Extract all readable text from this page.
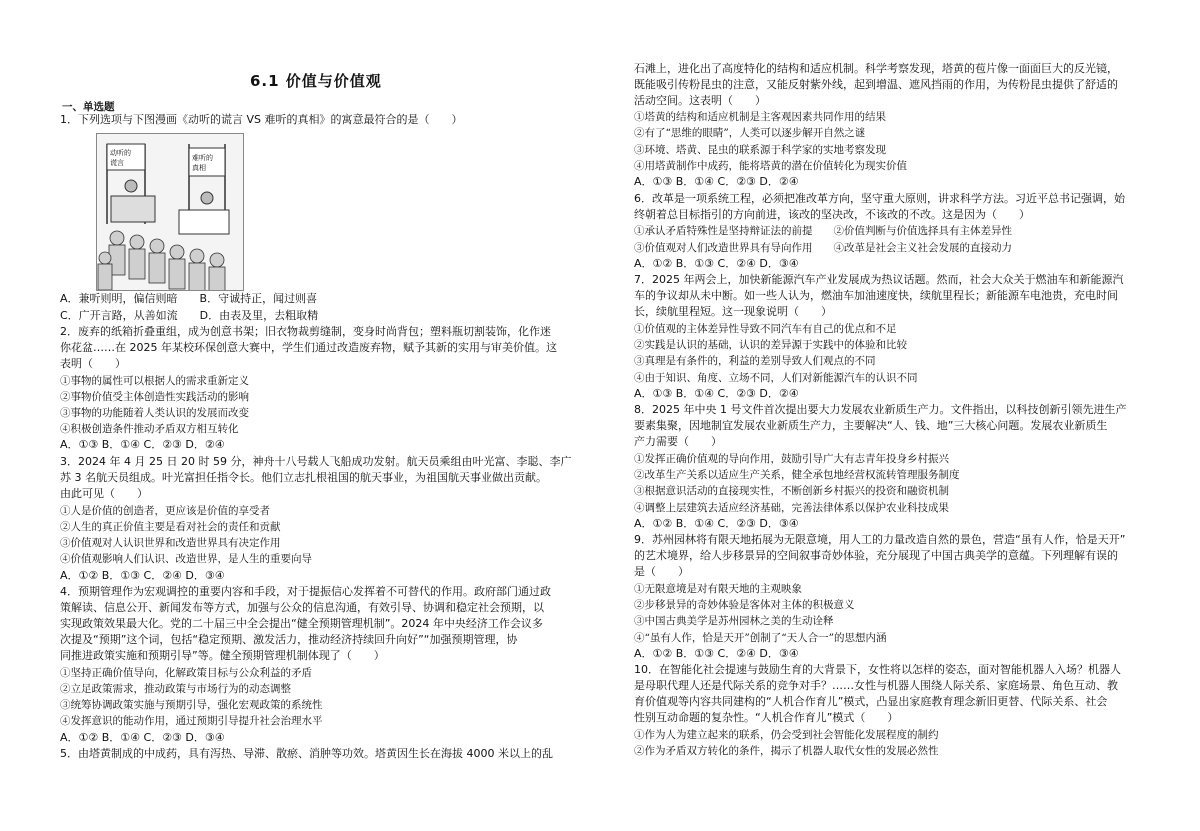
6.1 价值与价值观
一、单选题
动听的
谎言
难听的
真相
1．下列选项与下图漫画《动听的谎言 VS 难听的真相》的寓意最符合的是（　　）
A．兼听则明，偏信则暗　　B．守诚持正，闻过则喜
C．广开言路，从善如流　　D．由表及里，去粗取精
2．废弃的纸箱折叠重组，成为创意书架；旧衣物裁剪缝制，变身时尚背包；塑料瓶切割装饰，化作迷
你花盆……在 2025 年某校环保创意大赛中，学生们通过改造废弃物，赋予其新的实用与审美价值。这
表明（　　）
①事物的属性可以根据人的需求重新定义
②事物价值受主体创造性实践活动的影响
③事物的功能随着人类认识的发展而改变
④积极创造条件推动矛盾双方相互转化
A．①③ B．①④ C．②③ D．②④
3．2024 年 4 月 25 日 20 时 59 分，神舟十八号载人飞船成功发射。航天员乘组由叶光富、李聪、李广
苏 3 名航天员组成。叶光富担任指令长。他们立志扎根祖国的航天事业，为祖国航天事业做出贡献。
由此可见（　　）
①人是价值的创造者，更应该是价值的享受者
②人生的真正价值主要是看对社会的责任和贡献
③价值观对人认识世界和改造世界具有决定作用
④价值观影响人们认识、改造世界，是人生的重要向导
A．①② B．①③ C．②④ D．③④
4．预期管理作为宏观调控的重要内容和手段，对于提振信心发挥着不可替代的作用。政府部门通过政
策解读、信息公开、新闻发布等方式，加强与公众的信息沟通，有效引导、协调和稳定社会预期，以
实现政策效果最大化。党的二十届三中全会提出“健全预期管理机制”。2024 年中央经济工作会议多
次提及“预期”这个词，包括“稳定预期、激发活力，推动经济持续回升向好”“加强预期管理，协
同推进政策实施和预期引导”等。健全预期管理机制体现了（　　）
①坚持正确价值导向，化解政策目标与公众利益的矛盾
②立足政策需求，推动政策与市场行为的动态调整
③统筹协调政策实施与预期引导，强化宏观政策的系统性
④发挥意识的能动作用，通过预期引导提升社会治理水平
A．①② B．①④ C．②③ D．③④
5．由塔黄制成的中成药，具有泻热、导滞、散瘀、消肿等功效。塔黄因生长在海拔 4000 米以上的乱
石滩上，进化出了高度特化的结构和适应机制。科学考察发现，塔黄的苞片像一面面巨大的反光镜，
既能吸引传粉昆虫的注意，又能反射紫外线，起到增温、遮风挡雨的作用，为传粉昆虫提供了舒适的
活动空间。这表明（　　）
①塔黄的结构和适应机制是主客观因素共同作用的结果
②有了“思维的眼睛”，人类可以逐步解开自然之谜
③环境、塔黄、昆虫的联系源于科学家的实地考察发现
④用塔黄制作中成药，能将塔黄的潜在价值转化为现实价值
A．①③ B．①④ C．②③ D．②④
6．改革是一项系统工程，必须把准改革方向，坚守重大原则，讲求科学方法。习近平总书记强调，始
终朝着总目标指引的方向前进，该改的坚决改，不该改的不改。这是因为（　　）
①承认矛盾特殊性是坚持辩证法的前提　　②价值判断与价值选择具有主体差异性
③价值观对人们改造世界具有导向作用　　④改革是社会主义社会发展的直接动力
A．①② B．①③ C．②④ D．③④
7．2025 年两会上，加快新能源汽车产业发展成为热议话题。然而，社会大众关于燃油车和新能源汽
车的争议却从未中断。如一些人认为，燃油车加油速度快，续航里程长；新能源车电池贵，充电时间
长，续航里程短。这一现象说明（　　）
①价值观的主体差异性导致不同汽车有自己的优点和不足
②实践是认识的基础，认识的差异源于实践中的体验和比较
③真理是有条件的，利益的差别导致人们观点的不同
④由于知识、角度、立场不同，人们对新能源汽车的认识不同
A．①③ B．①④ C．②③ D．②④
8．2025 年中央 1 号文件首次提出要大力发展农业新质生产力。文件指出，以科技创新引领先进生产
要素集聚，因地制宜发展农业新质生产力，主要解决“人、钱、地”三大核心问题。发展农业新质生
产力需要（　　）
①发挥正确价值观的导向作用，鼓励引导广大有志青年投身乡村振兴
②改革生产关系以适应生产关系，健全承包地经营权流转管理服务制度
③根据意识活动的直接现实性，不断创新乡村振兴的投资和融资机制
④调整上层建筑去适应经济基础，完善法律体系以保护农业科技成果
A．①② B．①④ C．②③ D．③④
9．苏州园林将有限天地拓展为无限意境，用人工的力量改造自然的景色，营造“虽有人作，恰是天开”
的艺术境界，给人步移景异的空间叙事奇妙体验，充分展现了中国古典美学的意蕴。下列理解有误的
是（　　）
①无限意境是对有限天地的主观映象
②步移景异的奇妙体验是客体对主体的积极意义
③中国古典美学是苏州园林之美的生动诠释
④“虽有人作，恰是天开”创制了“天人合一”的思想内涵
A．①② B．①③ C．②④ D．③④
10．在智能化社会提速与鼓励生育的大背景下，女性将以怎样的姿态，面对智能机器人入场？机器人
是母职代理人还是代际关系的竞争对手？……女性与机器人围绕人际关系、家庭场景、角色互动、教
育价值观等内容共同建构的“人机合作育儿”模式，凸显出家庭教育理念新旧更替、代际关系、社会
性别互动命题的复杂性。“人机合作育儿”模式（　　）
①作为人为建立起来的联系，仍会受到社会智能化发展程度的制约
②作为矛盾双方转化的条件，揭示了机器人取代女性的发展必然性
